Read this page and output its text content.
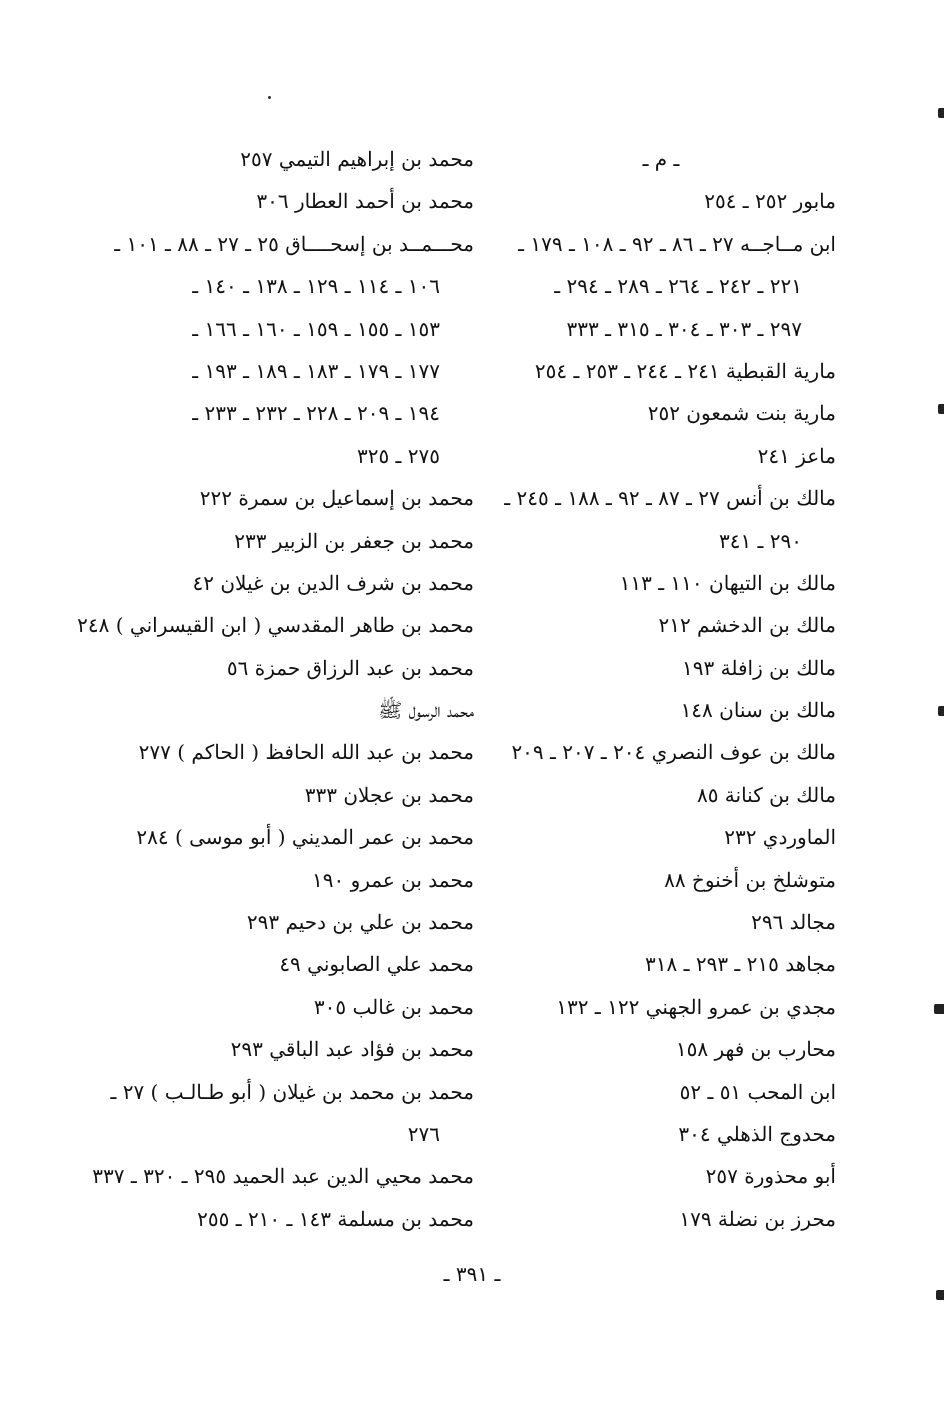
ـ م ـ
مابور ٢٥٢ ـ ٢٥٤
ابن مــاجــه ٢٧ ـ ٨٦ ـ ٩٢ ـ ١٠٨ ـ ١٧٩ ـ
٢٢١ ـ ٢٤٢ ـ ٢٦٤ ـ ٢٨٩ ـ ٢٩٤ ـ
٢٩٧ ـ ٣٠٣ ـ ٣٠٤ ـ ٣١٥ ـ ٣٣٣
مارية القبطية ٢٤١ ـ ٢٤٤ ـ ٢٥٣ ـ ٢٥٤
مارية بنت شمعون ٢٥٢
ماعز ٢٤١
مالك بن أنس ٢٧ ـ ٨٧ ـ ٩٢ ـ ١٨٨ ـ ٢٤٥ ـ
٢٩٠ ـ ٣٤١
مالك بن التيهان ١١٠ ـ ١١٣
مالك بن الدخشم ٢١٢
مالك بن زافلة ١٩٣
مالك بن سنان ١٤٨
مالك بن عوف النصري ٢٠٤ ـ ٢٠٧ ـ ٢٠٩
مالك بن كنانة ٨٥
الماوردي ٢٣٢
متوشلخ بن أخنوخ ٨٨
مجالد ٢٩٦
مجاهد ٢١٥ ـ ٢٩٣ ـ ٣١٨
مجدي بن عمرو الجهني ١٢٢ ـ ١٣٢
محارب بن فهر ١٥٨
ابن المحب ٥١ ـ ٥٢
محدوج الذهلي ٣٠٤
أبو محذورة ٢٥٧
محرز بن نضلة ١٧٩
محمد بن إبراهيم التيمي ٢٥٧
محمد بن أحمد العطار ٣٠٦
محـــمــد بن إسحــــاق ٢٥ ـ ٢٧ ـ ٨٨ ـ ١٠١ ـ
١٠٦ ـ ١١٤ ـ ١٢٩ ـ ١٣٨ ـ ١٤٠ ـ
١٥٣ ـ ١٥٥ ـ ١٥٩ ـ ١٦٠ ـ ١٦٦ ـ
١٧٧ ـ ١٧٩ ـ ١٨٣ ـ ١٨٩ ـ ١٩٣ ـ
١٩٤ ـ ٢٠٩ ـ ٢٢٨ ـ ٢٣٢ ـ ٢٣٣ ـ
٢٧٥ ـ ٣٢٥
محمد بن إسماعيل بن سمرة ٢٢٢
محمد بن جعفر بن الزبير ٢٣٣
محمد بن شرف الدين بن غيلان ٤٢
محمد بن طاهر المقدسي ( ابن القيسراني ) ٢٤٨
محمد بن عبد الرزاق حمزة ٥٦
محمد الرسول ﷺ
محمد بن عبد الله الحافظ ( الحاكم ) ٢٧٧
محمد بن عجلان ٣٣٣
محمد بن عمر المديني ( أبو موسى ) ٢٨٤
محمد بن عمرو ١٩٠
محمد بن علي بن دحيم ٢٩٣
محمد علي الصابوني ٤٩
محمد بن غالب ٣٠٥
محمد بن فؤاد عبد الباقي ٢٩٣
محمد بن محمد بن غيلان ( أبو طـالـب ) ٢٧ ـ
٢٧٦
محمد محيي الدين عبد الحميد ٢٩٥ ـ ٣٢٠ ـ ٣٣٧
محمد بن مسلمة ١٤٣ ـ ٢١٠ ـ ٢٥٥
ـ ٣٩١ ـ
